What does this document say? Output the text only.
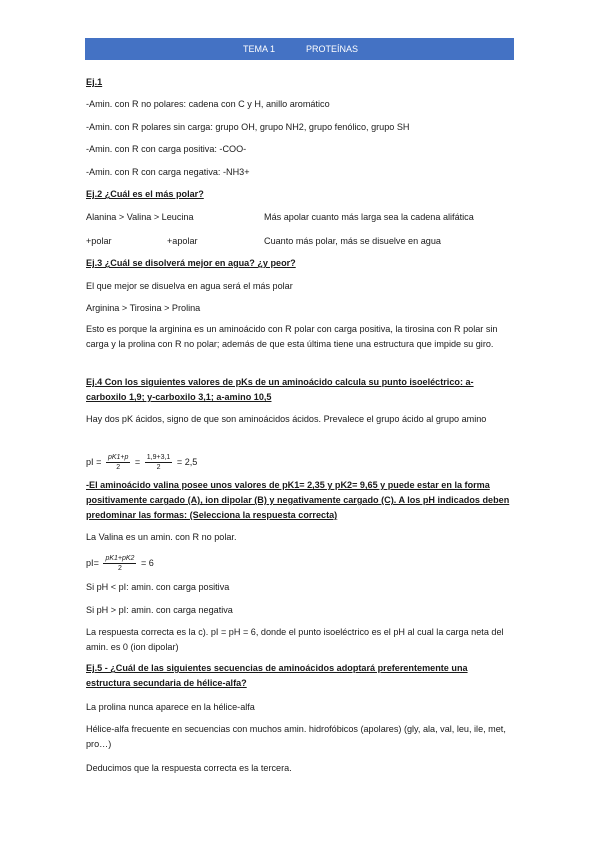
TEMA 1	PROTEÍNAS
Ej.1
-Amin. con R no polares: cadena con C y H, anillo aromático
-Amin. con R polares sin carga: grupo OH, grupo NH2, grupo fenólico, grupo SH
-Amin. con R con carga positiva: -COO-
-Amin. con R con carga negativa: -NH3+
Ej.2 ¿Cuál es el más polar?
Alanina > Valina > Leucina	Más apolar cuanto más larga sea la cadena alifática
+polar	+apolar	Cuanto más polar, más se disuelve en agua
Ej.3 ¿Cuál se disolverá mejor en agua? ¿y peor?
El que mejor se disuelva en agua será el más polar
Arginina > Tirosina > Prolina
Esto es porque la arginina es un aminoácido con R polar con carga positiva, la tirosina con R polar sin carga y la prolina con R no polar; además de que esta última tiene una estructura que impide su giro.
Ej.4 Con los siguientes valores de pKs de un aminoácido calcula su punto isoeléctrico: a-carboxilo 1,9; y-carboxilo 3,1; a-amino 10,5
Hay dos pK ácidos, signo de que son aminoácidos ácidos. Prevalece el grupo ácido al grupo amino
pI = $\frac{pK1+p}{2} = \frac{1,9+3,1}{2} = 2,5$
-El aminoácido valina posee unos valores de pK1= 2,35 y pK2= 9,65 y puede estar en la forma positivamente cargado (A), ion dipolar (B) y negativamente cargado (C). A los pH indicados deben predominar las formas: (Selecciona la respuesta correcta)
La Valina es un amin. con R no polar.
$pI= \frac{pK1+pK2}{2} = 6$
Si pH < pI: amin. con carga positiva
Si pH > pI: amin. con carga negativa
La respuesta correcta es la c). pI = pH = 6, donde el punto isoeléctrico es el pH al cual la carga neta del amin. es 0 (ion dipolar)
Ej.5 - ¿Cuál de las siguientes secuencias de aminoácidos adoptará preferentemente una estructura secundaria de hélice-alfa?
La prolina nunca aparece en la hélice-alfa
Hélice-alfa frecuente en secuencias con muchos amin. hidrofóbicos (apolares) (gly, ala, val, leu, ile, met, pro…)
Deducimos que la respuesta correcta es la tercera.
